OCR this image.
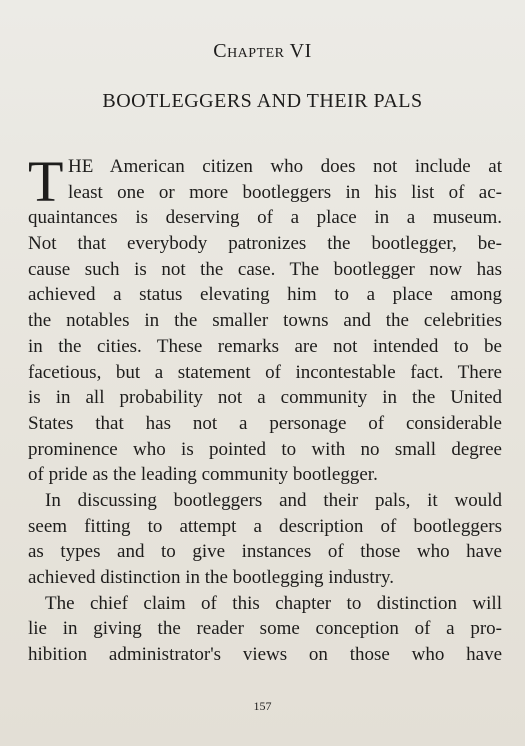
Chapter VI
BOOTLEGGERS AND THEIR PALS
T HE American citizen who does not include at
least one or more bootleggers in his list of ac-
quaintances is deserving of a place in a museum.
Not that everybody patronizes the bootlegger, be-
cause such is not the case. The bootlegger now has
achieved a status elevating him to a place among
the notables in the smaller towns and the celebrities
in the cities. These remarks are not intended to be
facetious, but a statement of incontestable fact. There
is in all probability not a community in the United
States that has not a personage of considerable
prominence who is pointed to with no small degree
of pride as the leading community bootlegger.
In discussing bootleggers and their pals, it would
seem fitting to attempt a description of bootleggers
as types and to give instances of those who have
achieved distinction in the bootlegging industry.
The chief claim of this chapter to distinction will
lie in giving the reader some conception of a pro-
hibition administrator's views on those who have
157
